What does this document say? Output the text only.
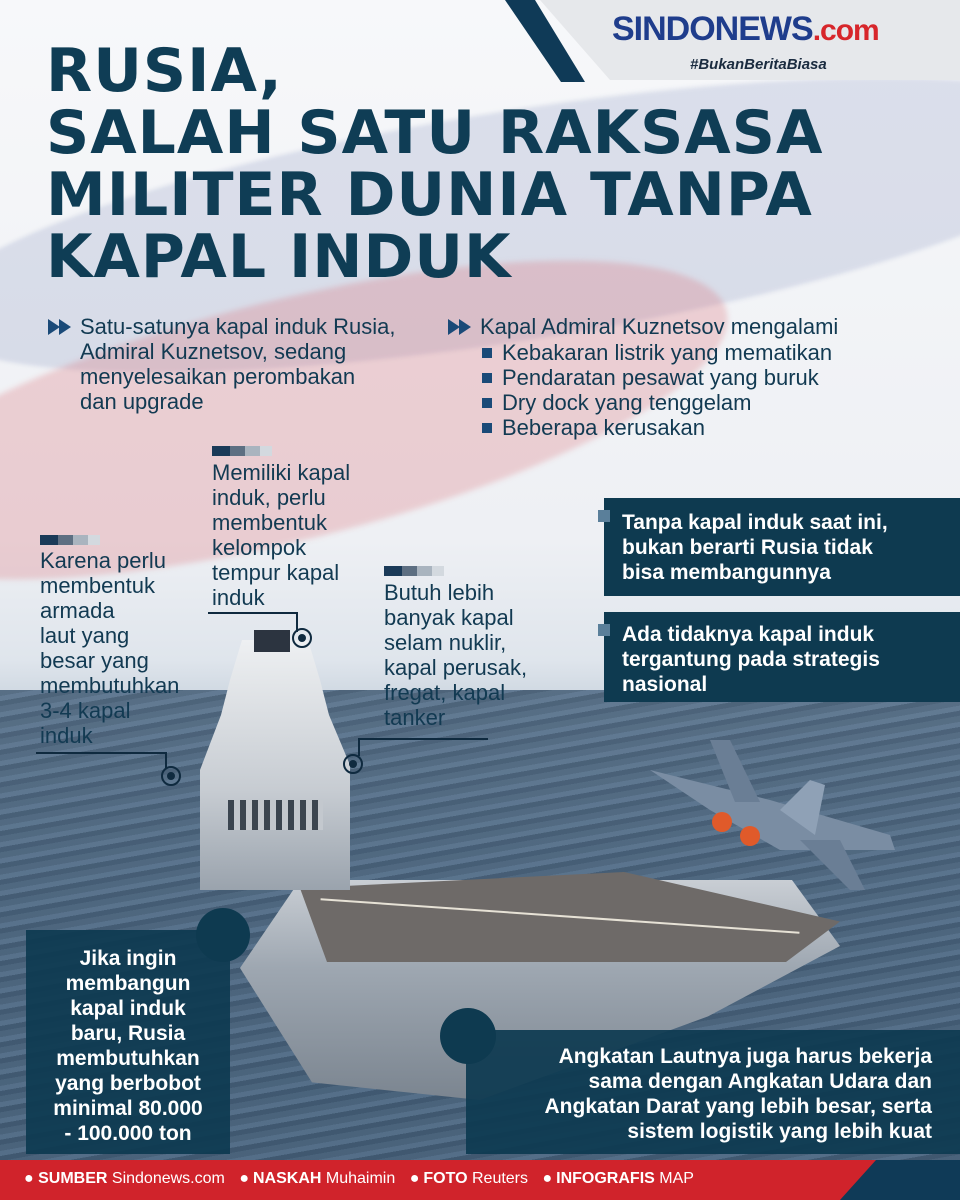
SINDONEWS.com
#BukanBeritaBiasa
RUSIA,
SALAH SATU RAKSASA
MILITER DUNIA TANPA
KAPAL INDUK
Satu-satunya kapal induk Rusia,
Admiral Kuznetsov, sedang
menyelesaikan perombakan
dan upgrade
Kapal Admiral Kuznetsov mengalami
Kebakaran listrik yang mematikan
Pendaratan pesawat yang buruk
Dry dock yang tenggelam
Beberapa kerusakan
Memiliki kapal
induk, perlu
membentuk
kelompok
tempur kapal
induk
Karena perlu
membentuk
armada
laut yang
besar yang
membutuhkan
3-4 kapal
induk
Butuh lebih
banyak kapal
selam nuklir,
kapal perusak,
fregat, kapal
tanker
Tanpa kapal induk saat ini,
bukan berarti Rusia tidak
bisa membangunnya
Ada tidaknya kapal induk
tergantung pada strategis
nasional
Jika ingin
membangun
kapal induk
baru, Rusia
membutuhkan
yang berbobot
minimal 80.000
- 100.000 ton
Angkatan Lautnya juga harus bekerja
sama dengan Angkatan Udara dan
Angkatan Darat yang lebih besar, serta
sistem logistik yang lebih kuat
● SUMBER Sindonews.com ● NASKAH Muhaimin ● FOTO Reuters ● INFOGRAFIS MAP
